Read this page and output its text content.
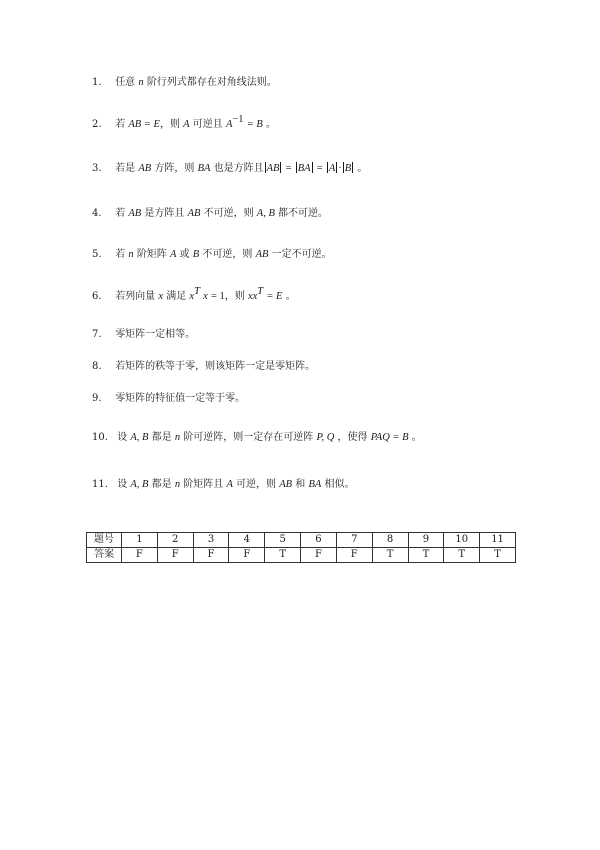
1. 任意 n 阶行列式都存在对角线法则。
2. 若 AB = E，则 A 可逆且 $A^{-1} = B$ 。
3. 若是 AB 方阵，则 BA 也是方阵且 AB = BA = A · B 。
4. 若 AB 是方阵且 AB 不可逆，则 A, B 都不可逆。
5. 若 n 阶矩阵 A 或 B 不可逆，则 AB 一定不可逆。
6. 若列向量 x 满足 $x^T$ x = 1，则 $xx^T = E$ 。
7. 零矩阵一定相等。
8. 若矩阵的秩等于零，则该矩阵一定是零矩阵。
9. 零矩阵的特征值一定等于零。
10. 设 A, B 都是 n 阶可逆阵，则一定存在可逆阵 P, Q ，使得 PAQ = B 。
11. 设 A, B 都是 n 阶矩阵且 A 可逆，则 AB 和 BA 相似。
题号	1	2	3	4	5	6	7	8	9	10	11
答案	F	F	F	F	T	F	F	T	T	T	T
